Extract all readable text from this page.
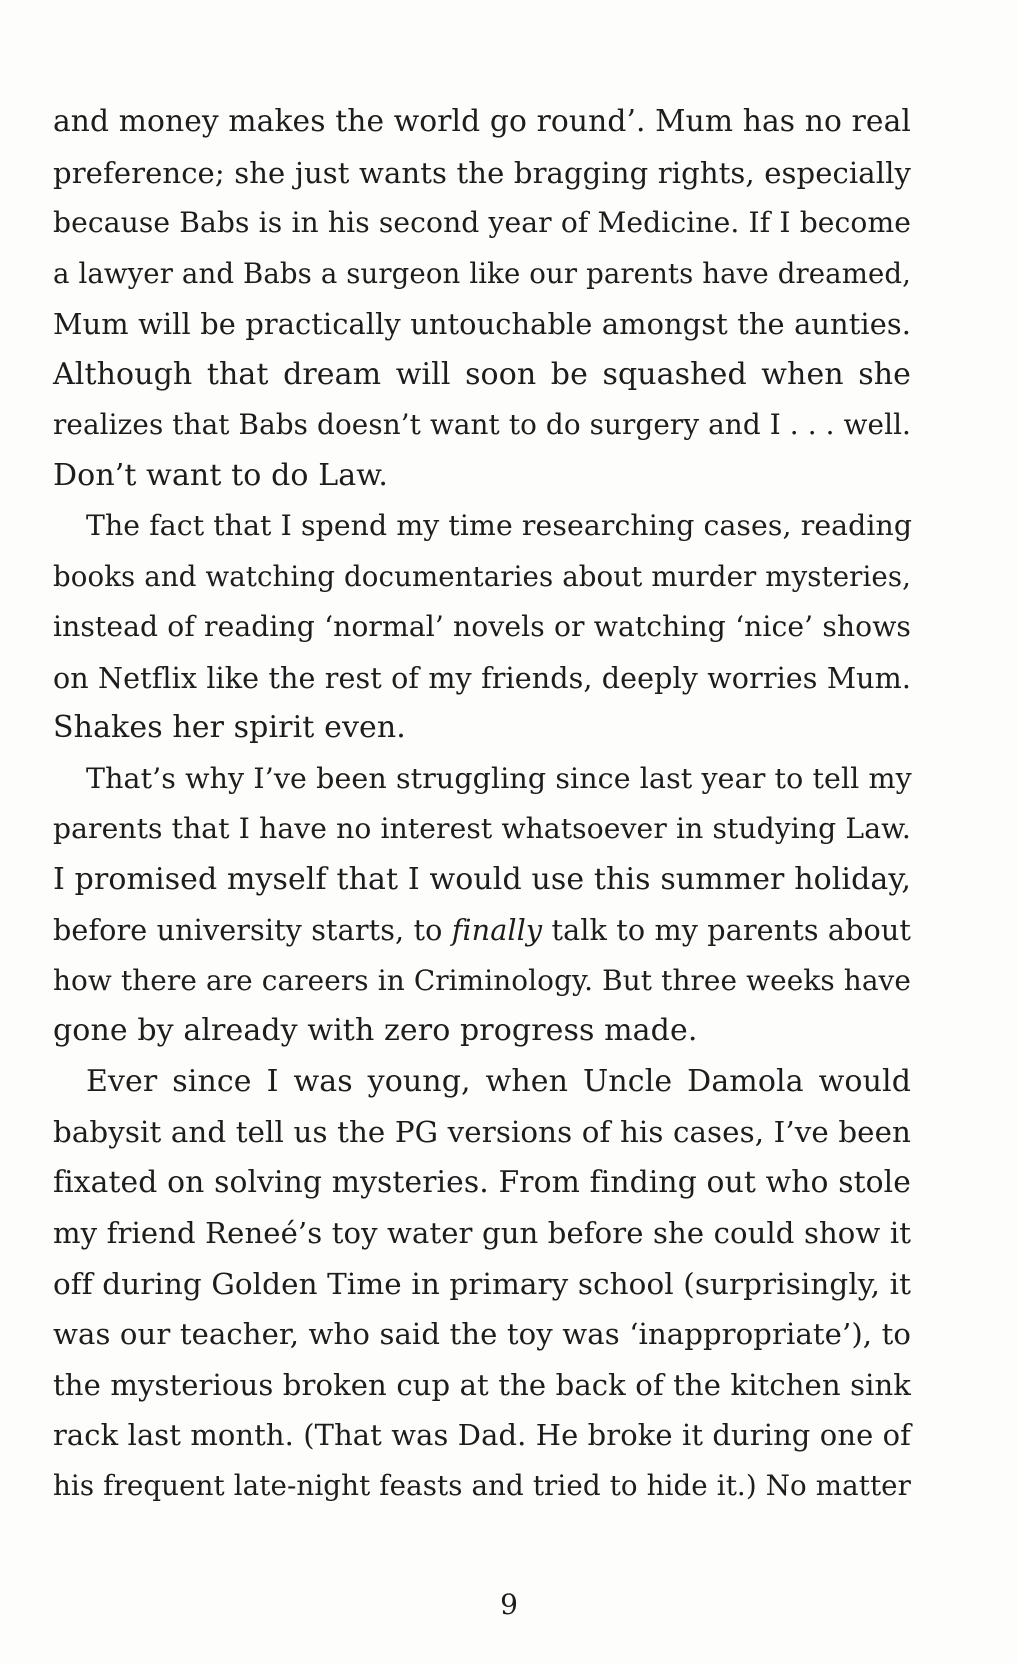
and money makes the world go round’. Mum has no real
preference; she just wants the bragging rights, especially
because Babs is in his second year of Medicine. If I become
a lawyer and Babs a surgeon like our parents have dreamed,
Mum will be practically untouchable amongst the aunties.
Although that dream will soon be squashed when she
realizes that Babs doesn’t want to do surgery and I . . . well.
Don’t want to do Law.

The fact that I spend my time researching cases, reading
books and watching documentaries about murder mysteries,
instead of reading ‘normal’ novels or watching ‘nice’ shows
on Netflix like the rest of my friends, deeply worries Mum.
Shakes her spirit even.

That’s why I’ve been struggling since last year to tell my
parents that I have no interest whatsoever in studying Law.
I promised myself that I would use this summer holiday,
before university starts, to finally talk to my parents about
how there are careers in Criminology. But three weeks have
gone by already with zero progress made.

Ever since I was young, when Uncle Damola would
babysit and tell us the PG versions of his cases, I’ve been
fixated on solving mysteries. From finding out who stole
my friend Reneé’s toy water gun before she could show it
off during Golden Time in primary school (surprisingly, it
was our teacher, who said the toy was ‘inappropriate’), to
the mysterious broken cup at the back of the kitchen sink
rack last month. (That was Dad. He broke it during one of
his frequent late-night feasts and tried to hide it.) No matter

9
